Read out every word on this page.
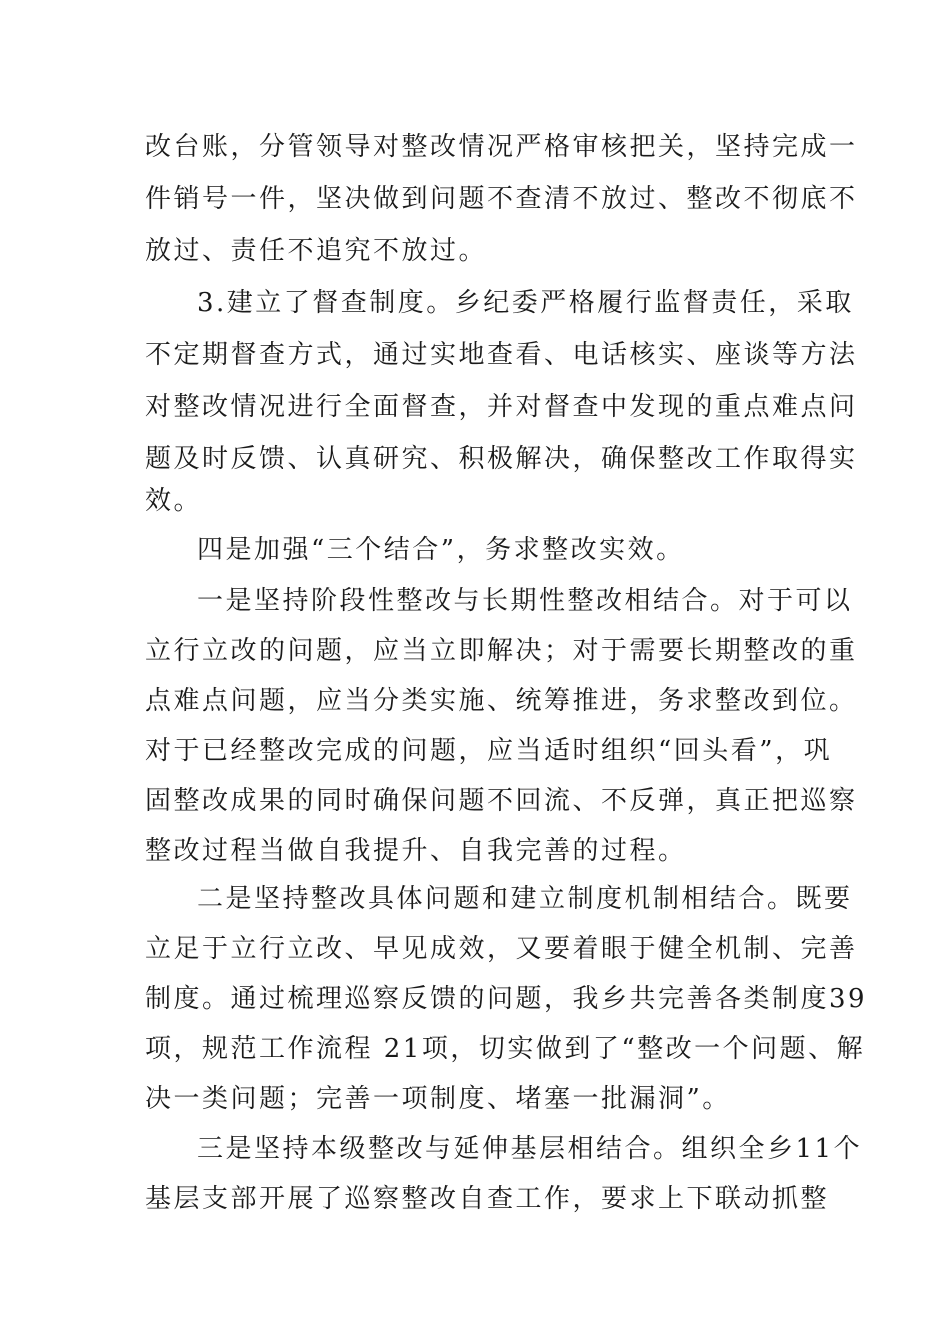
改台账，分管领导对整改情况严格审核把关，坚持完成一
件销号一件，坚决做到问题不查清不放过、整改不彻底不
放过、责任不追究不放过。
3.建立了督查制度。乡纪委严格履行监督责任，采取
不定期督查方式，通过实地查看、电话核实、座谈等方法
对整改情况进行全面督查，并对督查中发现的重点难点问
题及时反馈、认真研究、积极解决，确保整改工作取得实
效。
四是加强“三个结合”，务求整改实效。
一是坚持阶段性整改与长期性整改相结合。对于可以
立行立改的问题，应当立即解决；对于需要长期整改的重
点难点问题，应当分类实施、统筹推进，务求整改到位。
对于已经整改完成的问题，应当适时组织“回头看”，巩
固整改成果的同时确保问题不回流、不反弹，真正把巡察
整改过程当做自我提升、自我完善的过程。
二是坚持整改具体问题和建立制度机制相结合。既要
立足于立行立改、早见成效，又要着眼于健全机制、完善
制度。通过梳理巡察反馈的问题，我乡共完善各类制度39
项，规范工作流程 21项，切实做到了“整改一个问题、解
决一类问题；完善一项制度、堵塞一批漏洞”。
三是坚持本级整改与延伸基层相结合。组织全乡11个
基层支部开展了巡察整改自查工作，要求上下联动抓整
